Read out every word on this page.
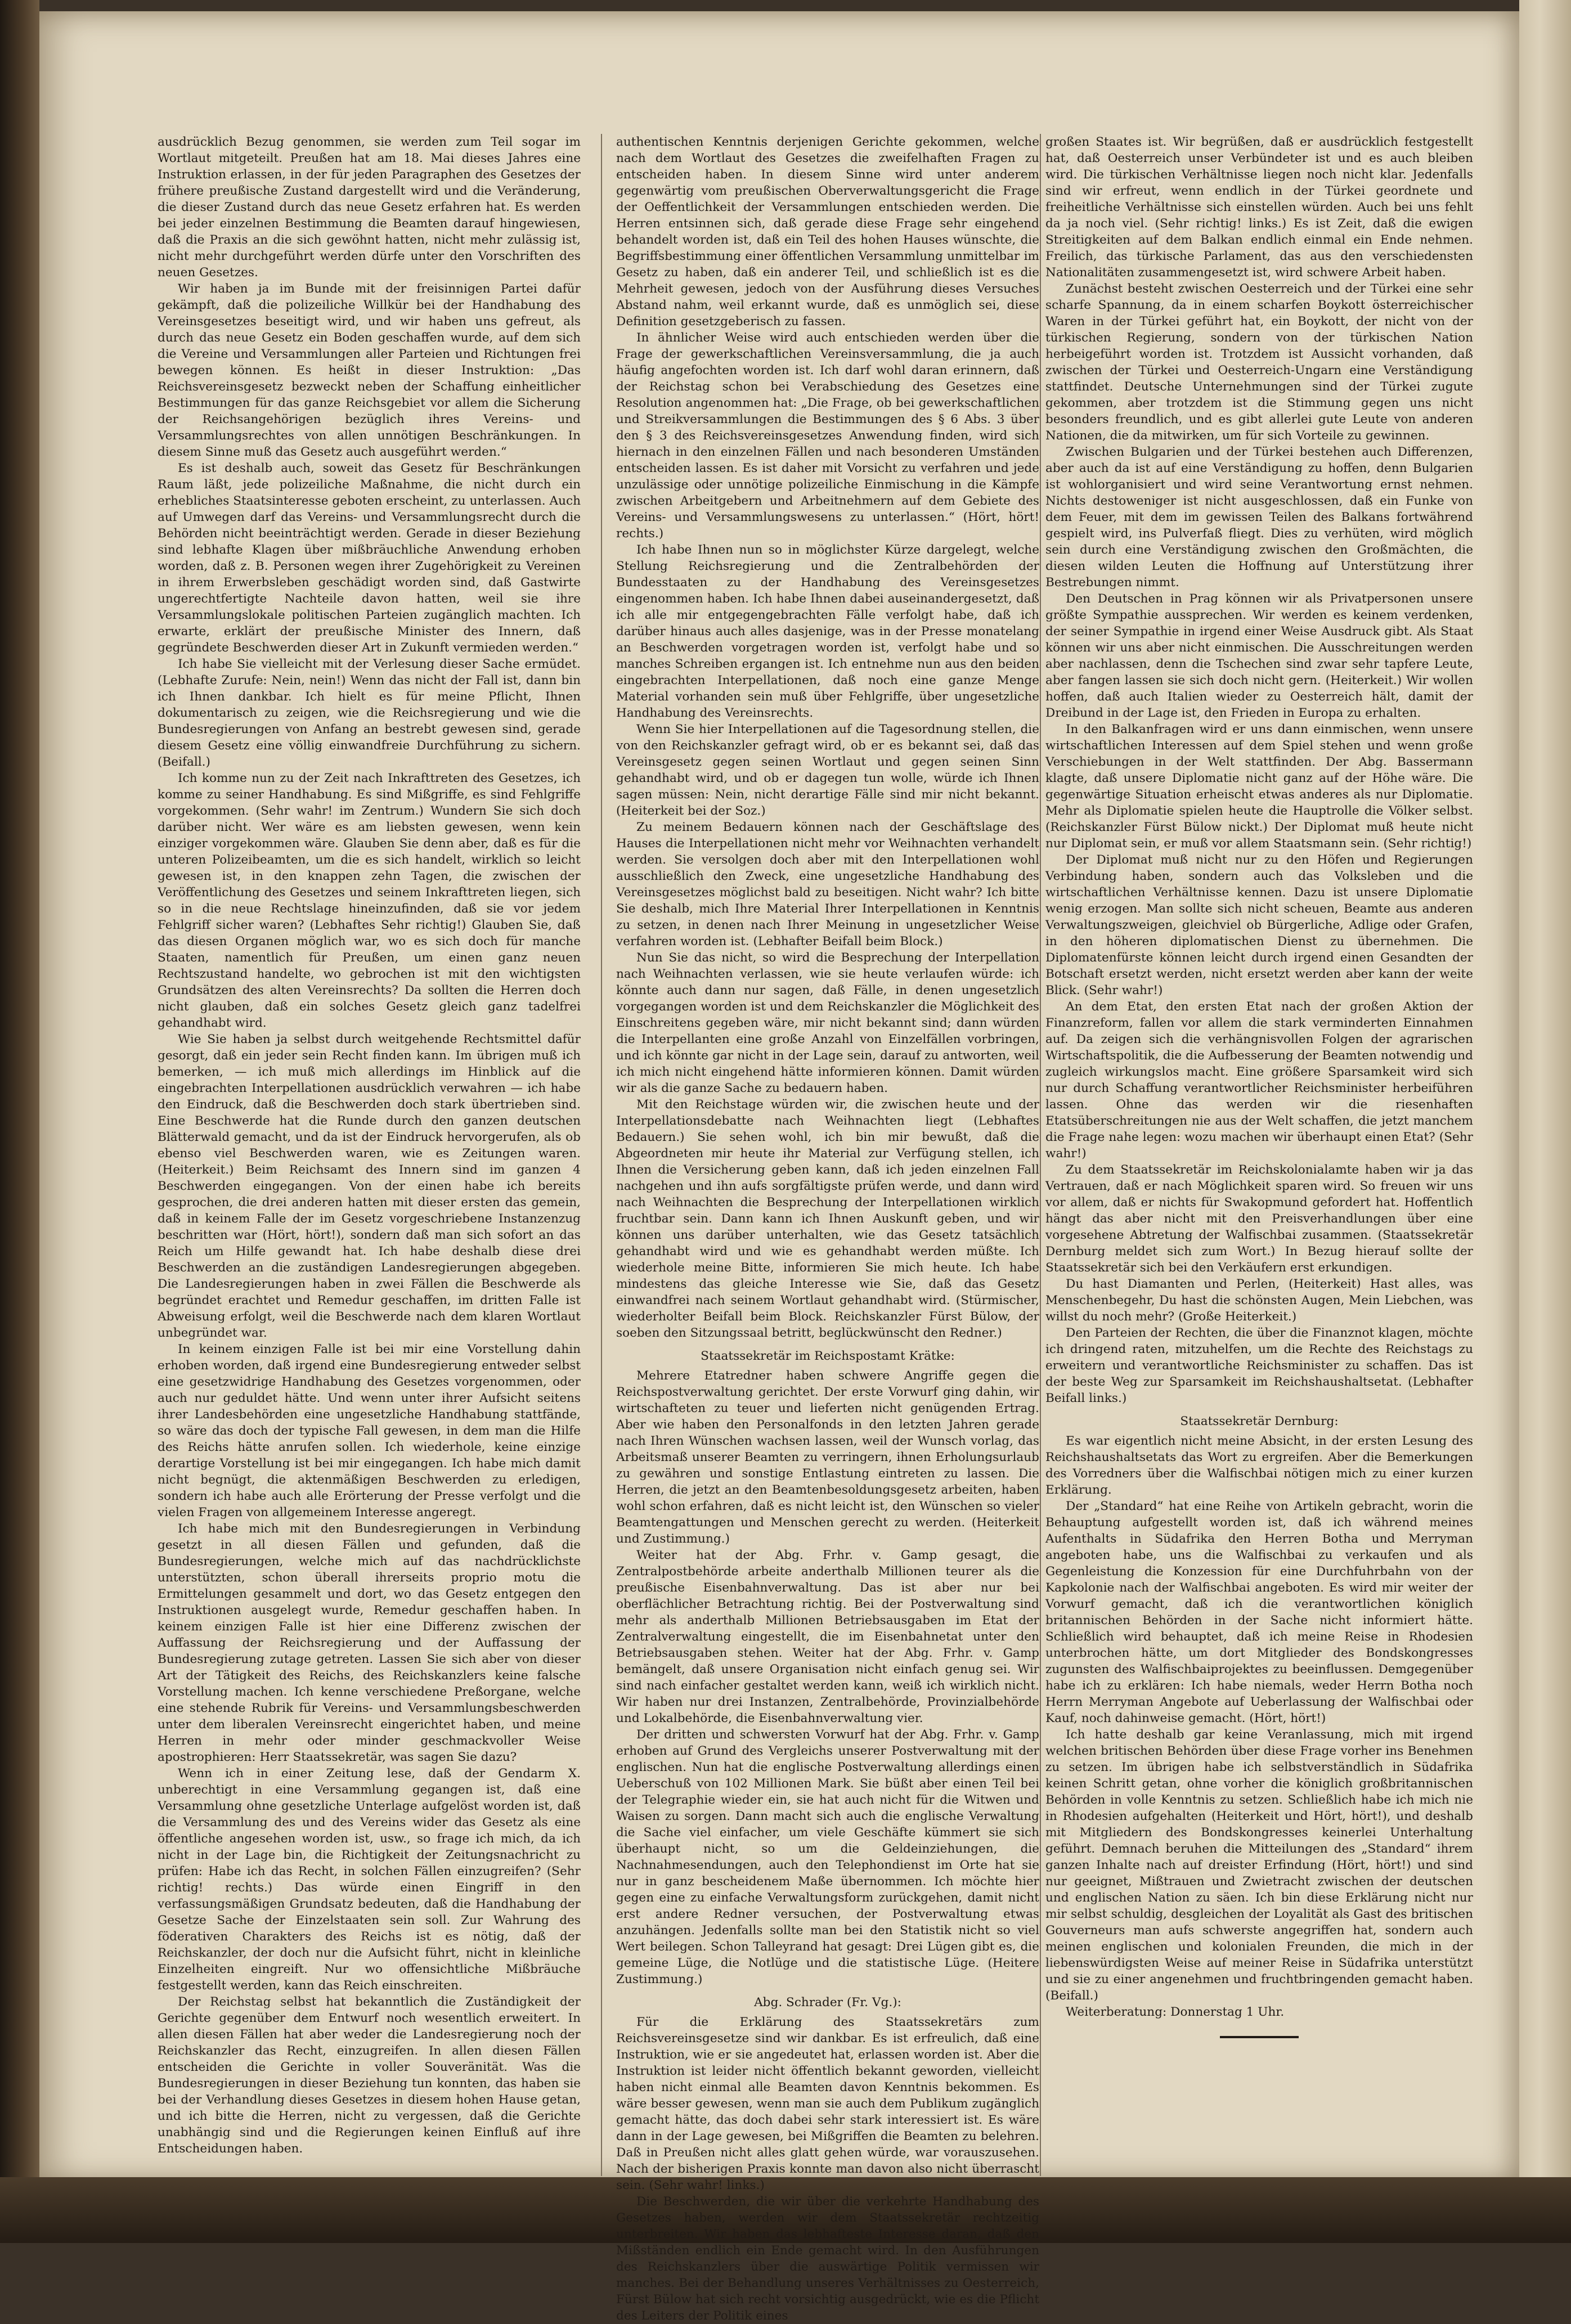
ausdrücklich Bezug genommen, sie werden zum Teil sogar im Wortlaut mitgeteilt. Preußen hat am 18. Mai dieses Jahres eine Instruktion erlassen, in der für jeden Paragraphen des Gesetzes der frühere preußische Zustand dargestellt wird und die Veränderung, die dieser Zustand durch das neue Gesetz erfahren hat. Es werden bei jeder einzelnen Bestimmung die Beamten darauf hingewiesen, daß die Praxis an die sich gewöhnt hatten, nicht mehr zulässig ist, nicht mehr durchgeführt werden dürfe unter den Vorschriften des neuen Gesetzes.

Wir haben ja im Bunde mit der freisinnigen Partei dafür gekämpft, daß die polizeiliche Willkür bei der Handhabung des Vereinsgesetzes beseitigt wird, und wir haben uns gefreut, als durch das neue Gesetz ein Boden geschaffen wurde, auf dem sich die Vereine und Versammlungen aller Parteien und Richtungen frei bewegen können. Es heißt in dieser Instruktion: „Das Reichsvereinsgesetz bezweckt neben der Schaffung einheitlicher Bestimmungen für das ganze Reichsgebiet vor allem die Sicherung der Reichsangehörigen bezüglich ihres Vereins- und Versammlungsrechtes von allen unnötigen Beschränkungen. In diesem Sinne muß das Gesetz auch ausgeführt werden.“

Es ist deshalb auch, soweit das Gesetz für Beschränkungen Raum läßt, jede polizeiliche Maßnahme, die nicht durch ein erhebliches Staatsinteresse geboten erscheint, zu unterlassen. Auch auf Umwegen darf das Vereins- und Versammlungsrecht durch die Behörden nicht beeinträchtigt werden. Gerade in dieser Beziehung sind lebhafte Klagen über mißbräuchliche Anwendung erhoben worden, daß z. B. Personen wegen ihrer Zugehörigkeit zu Vereinen in ihrem Erwerbsleben geschädigt worden sind, daß Gastwirte ungerechtfertigte Nachteile davon hatten, weil sie ihre Versammlungslokale politischen Parteien zugänglich machten. Ich erwarte, erklärt der preußische Minister des Innern, daß gegründete Beschwerden dieser Art in Zukunft vermieden werden.“

Ich habe Sie vielleicht mit der Verlesung dieser Sache ermüdet. (Lebhafte Zurufe: Nein, nein!) Wenn das nicht der Fall ist, dann bin ich Ihnen dankbar. Ich hielt es für meine Pflicht, Ihnen dokumentarisch zu zeigen, wie die Reichsregierung und wie die Bundesregierungen von Anfang an bestrebt gewesen sind, gerade diesem Gesetz eine völlig einwandfreie Durchführung zu sichern. (Beifall.)

Ich komme nun zu der Zeit nach Inkrafttreten des Gesetzes, ich komme zu seiner Handhabung. Es sind Mißgriffe, es sind Fehlgriffe vorgekommen. (Sehr wahr! im Zentrum.) Wundern Sie sich doch darüber nicht. Wer wäre es am liebsten gewesen, wenn kein einziger vorgekommen wäre. Glauben Sie denn aber, daß es für die unteren Polizeibeamten, um die es sich handelt, wirklich so leicht gewesen ist, in den knappen zehn Tagen, die zwischen der Veröffentlichung des Gesetzes und seinem Inkrafttreten liegen, sich so in die neue Rechtslage hineinzufinden, daß sie vor jedem Fehlgriff sicher waren? (Lebhaftes Sehr richtig!) Glauben Sie, daß das diesen Organen möglich war, wo es sich doch für manche Staaten, namentlich für Preußen, um einen ganz neuen Rechtszustand handelte, wo gebrochen ist mit den wichtigsten Grundsätzen des alten Vereinsrechts? Da sollten die Herren doch nicht glauben, daß ein solches Gesetz gleich ganz tadelfrei gehandhabt wird.

Wie Sie haben ja selbst durch weitgehende Rechtsmittel dafür gesorgt, daß ein jeder sein Recht finden kann. Im übrigen muß ich bemerken, — ich muß mich allerdings im Hinblick auf die eingebrachten Interpellationen ausdrücklich verwahren — ich habe den Eindruck, daß die Beschwerden doch stark übertrieben sind. Eine Beschwerde hat die Runde durch den ganzen deutschen Blätterwald gemacht, und da ist der Eindruck hervorgerufen, als ob ebenso viel Beschwerden waren, wie es Zeitungen waren. (Heiterkeit.) Beim Reichsamt des Innern sind im ganzen 4 Beschwerden eingegangen. Von der einen habe ich bereits gesprochen, die drei anderen hatten mit dieser ersten das gemein, daß in keinem Falle der im Gesetz vorgeschriebene Instanzenzug beschritten war (Hört, hört!), sondern daß man sich sofort an das Reich um Hilfe gewandt hat. Ich habe deshalb diese drei Beschwerden an die zuständigen Landesregierungen abgegeben. Die Landesregierungen haben in zwei Fällen die Beschwerde als begründet erachtet und Remedur geschaffen, im dritten Falle ist Abweisung erfolgt, weil die Beschwerde nach dem klaren Wortlaut unbegründet war.

In keinem einzigen Falle ist bei mir eine Vorstellung dahin erhoben worden, daß irgend eine Bundesregierung entweder selbst eine gesetzwidrige Handhabung des Gesetzes vorgenommen, oder auch nur geduldet hätte. Und wenn unter ihrer Aufsicht seitens ihrer Landesbehörden eine ungesetzliche Handhabung stattfände, so wäre das doch der typische Fall gewesen, in dem man die Hilfe des Reichs hätte anrufen sollen. Ich wiederhole, keine einzige derartige Vorstellung ist bei mir eingegangen. Ich habe mich damit nicht begnügt, die aktenmäßigen Beschwerden zu erledigen, sondern ich habe auch alle Erörterung der Presse verfolgt und die vielen Fragen von allgemeinem Interesse angeregt.

Ich habe mich mit den Bundesregierungen in Verbindung gesetzt in all diesen Fällen und gefunden, daß die Bundesregierungen, welche mich auf das nachdrücklichste unterstützten, schon überall ihrerseits proprio motu die Ermittelungen gesammelt und dort, wo das Gesetz entgegen den Instruktionen ausgelegt wurde, Remedur geschaffen haben. In keinem einzigen Falle ist hier eine Differenz zwischen der Auffassung der Reichsregierung und der Auffassung der Bundesregierung zutage getreten. Lassen Sie sich aber von dieser Art der Tätigkeit des Reichs, des Reichskanzlers keine falsche Vorstellung machen. Ich kenne verschiedene Preßorgane, welche eine stehende Rubrik für Vereins- und Versammlungsbeschwerden unter dem liberalen Vereinsrecht eingerichtet haben, und meine Herren in mehr oder minder geschmackvoller Weise apostrophieren: Herr Staatssekretär, was sagen Sie dazu?

Wenn ich in einer Zeitung lese, daß der Gendarm X. unberechtigt in eine Versammlung gegangen ist, daß eine Versammlung ohne gesetzliche Unterlage aufgelöst worden ist, daß die Versammlung des und des Vereins wider das Gesetz als eine öffentliche angesehen worden ist, usw., so frage ich mich, da ich nicht in der Lage bin, die Richtigkeit der Zeitungsnachricht zu prüfen: Habe ich das Recht, in solchen Fällen einzugreifen? (Sehr richtig! rechts.) Das würde einen Eingriff in den verfassungsmäßigen Grundsatz bedeuten, daß die Handhabung der Gesetze Sache der Einzelstaaten sein soll. Zur Wahrung des föderativen Charakters des Reichs ist es nötig, daß der Reichskanzler, der doch nur die Aufsicht führt, nicht in kleinliche Einzelheiten eingreift. Nur wo offensichtliche Mißbräuche festgestellt werden, kann das Reich einschreiten.

Der Reichstag selbst hat bekanntlich die Zuständigkeit der Gerichte gegenüber dem Entwurf noch wesentlich erweitert. In allen diesen Fällen hat aber weder die Landesregierung noch der Reichskanzler das Recht, einzugreifen. In allen diesen Fällen entscheiden die Gerichte in voller Souveränität. Was die Bundesregierungen in dieser Beziehung tun konnten, das haben sie bei der Verhandlung dieses Gesetzes in diesem hohen Hause getan, und ich bitte die Herren, nicht zu vergessen, daß die Gerichte unabhängig sind und die Regierungen keinen Einfluß auf ihre Entscheidungen haben.

authentischen Kenntnis derjenigen Gerichte gekommen, welche nach dem Wortlaut des Gesetzes die zweifelhaften Fragen zu entscheiden haben. In diesem Sinne wird unter anderem gegenwärtig vom preußischen Oberverwaltungsgericht die Frage der Oeffentlichkeit der Versammlungen entschieden werden. Die Herren entsinnen sich, daß gerade diese Frage sehr eingehend behandelt worden ist, daß ein Teil des hohen Hauses wünschte, die Begriffsbestimmung einer öffentlichen Versammlung unmittelbar im Gesetz zu haben, daß ein anderer Teil, und schließlich ist es die Mehrheit gewesen, jedoch von der Ausführung dieses Versuches Abstand nahm, weil erkannt wurde, daß es unmöglich sei, diese Definition gesetzgeberisch zu fassen.

In ähnlicher Weise wird auch entschieden werden über die Frage der gewerkschaftlichen Vereinsversammlung, die ja auch häufig angefochten worden ist. Ich darf wohl daran erinnern, daß der Reichstag schon bei Verabschiedung des Gesetzes eine Resolution angenommen hat: „Die Frage, ob bei gewerkschaftlichen und Streikversammlungen die Bestimmungen des § 6 Abs. 3 über den § 3 des Reichsvereinsgesetzes Anwendung finden, wird sich hiernach in den einzelnen Fällen und nach besonderen Umständen entscheiden lassen. Es ist daher mit Vorsicht zu verfahren und jede unzulässige oder unnötige polizeiliche Einmischung in die Kämpfe zwischen Arbeitgebern und Arbeitnehmern auf dem Gebiete des Vereins- und Versammlungswesens zu unterlassen.“ (Hört, hört! rechts.)

Ich habe Ihnen nun so in möglichster Kürze dargelegt, welche Stellung Reichsregierung und die Zentralbehörden der Bundesstaaten zu der Handhabung des Vereinsgesetzes eingenommen haben. Ich habe Ihnen dabei auseinandergesetzt, daß ich alle mir entgegengebrachten Fälle verfolgt habe, daß ich darüber hinaus auch alles dasjenige, was in der Presse monatelang an Beschwerden vorgetragen worden ist, verfolgt habe und so manches Schreiben ergangen ist. Ich entnehme nun aus den beiden eingebrachten Interpellationen, daß noch eine ganze Menge Material vorhanden sein muß über Fehlgriffe, über ungesetzliche Handhabung des Vereinsrechts.

Wenn Sie hier Interpellationen auf die Tagesordnung stellen, die von den Reichskanzler gefragt wird, ob er es bekannt sei, daß das Vereinsgesetz gegen seinen Wortlaut und gegen seinen Sinn gehandhabt wird, und ob er dagegen tun wolle, würde ich Ihnen sagen müssen: Nein, nicht derartige Fälle sind mir nicht bekannt. (Heiterkeit bei der Soz.)

Zu meinem Bedauern können nach der Geschäftslage des Hauses die Interpellationen nicht mehr vor Weihnachten verhandelt werden. Sie versolgen doch aber mit den Interpellationen wohl ausschließlich den Zweck, eine ungesetzliche Handhabung des Vereinsgesetzes möglichst bald zu beseitigen. Nicht wahr? Ich bitte Sie deshalb, mich Ihre Material Ihrer Interpellationen in Kenntnis zu setzen, in denen nach Ihrer Meinung in ungesetzlicher Weise verfahren worden ist. (Lebhafter Beifall beim Block.)

Nun Sie das nicht, so wird die Besprechung der Interpellation nach Weihnachten verlassen, wie sie heute verlaufen würde: ich könnte auch dann nur sagen, daß Fälle, in denen ungesetzlich vorgegangen worden ist und dem Reichskanzler die Möglichkeit des Einschreitens gegeben wäre, mir nicht bekannt sind; dann würden die Interpellanten eine große Anzahl von Einzelfällen vorbringen, und ich könnte gar nicht in der Lage sein, darauf zu antworten, weil ich mich nicht eingehend hätte informieren können. Damit würden wir als die ganze Sache zu bedauern haben.

Mit den Reichstage würden wir, die zwischen heute und der Interpellationsdebatte nach Weihnachten liegt (Lebhaftes Bedauern.) Sie sehen wohl, ich bin mir bewußt, daß die Abgeordneten mir heute ihr Material zur Verfügung stellen, ich Ihnen die Versicherung geben kann, daß ich jeden einzelnen Fall nachgehen und ihn aufs sorgfältigste prüfen werde, und dann wird nach Weihnachten die Besprechung der Interpellationen wirklich fruchtbar sein. Dann kann ich Ihnen Auskunft geben, und wir können uns darüber unterhalten, wie das Gesetz tatsächlich gehandhabt wird und wie es gehandhabt werden müßte. Ich wiederhole meine Bitte, informieren Sie mich heute. Ich habe mindestens das gleiche Interesse wie Sie, daß das Gesetz einwandfrei nach seinem Wortlaut gehandhabt wird. (Stürmischer, wiederholter Beifall beim Block. Reichskanzler Fürst Bülow, der soeben den Sitzungssaal betritt, beglückwünscht den Redner.)

Staatssekretär im Reichspostamt Krätke:

Mehrere Etatredner haben schwere Angriffe gegen die Reichspostverwaltung gerichtet. Der erste Vorwurf ging dahin, wir wirtschafteten zu teuer und lieferten nicht genügenden Ertrag. Aber wie haben den Personalfonds in den letzten Jahren gerade nach Ihren Wünschen wachsen lassen, weil der Wunsch vorlag, das Arbeitsmaß unserer Beamten zu verringern, ihnen Erholungsurlaub zu gewähren und sonstige Entlastung eintreten zu lassen. Die Herren, die jetzt an den Beamtenbesoldungsgesetz arbeiten, haben wohl schon erfahren, daß es nicht leicht ist, den Wünschen so vieler Beamtengattungen und Menschen gerecht zu werden. (Heiterkeit und Zustimmung.)

Weiter hat der Abg. Frhr. v. Gamp gesagt, die Zentralpostbehörde arbeite anderthalb Millionen teurer als die preußische Eisenbahnverwaltung. Das ist aber nur bei oberflächlicher Betrachtung richtig. Bei der Postverwaltung sind mehr als anderthalb Millionen Betriebsausgaben im Etat der Zentralverwaltung eingestellt, die im Eisenbahnetat unter den Betriebsausgaben stehen. Weiter hat der Abg. Frhr. v. Gamp bemängelt, daß unsere Organisation nicht einfach genug sei. Wir sind nach einfacher gestaltet werden kann, weiß ich wirklich nicht. Wir haben nur drei Instanzen, Zentralbehörde, Provinzialbehörde und Lokalbehörde, die Eisenbahnverwaltung vier.

Der dritten und schwersten Vorwurf hat der Abg. Frhr. v. Gamp erhoben auf Grund des Vergleichs unserer Postverwaltung mit der englischen. Nun hat die englische Postverwaltung allerdings einen Ueberschuß von 102 Millionen Mark. Sie büßt aber einen Teil bei der Telegraphie wieder ein, sie hat auch nicht für die Witwen und Waisen zu sorgen. Dann macht sich auch die englische Verwaltung die Sache viel einfacher, um viele Geschäfte kümmert sie sich überhaupt nicht, so um die Geldeinziehungen, die Nachnahmesendungen, auch den Telephondienst im Orte hat sie nur in ganz bescheidenem Maße übernommen. Ich möchte hier gegen eine zu einfache Verwaltungsform zurückgehen, damit nicht erst andere Redner versuchen, der Postverwaltung etwas anzuhängen. Jedenfalls sollte man bei den Statistik nicht so viel Wert beilegen. Schon Talleyrand hat gesagt: Drei Lügen gibt es, die gemeine Lüge, die Notlüge und die statistische Lüge. (Heitere Zustimmung.)

Abg. Schrader (Fr. Vg.):

Für die Erklärung des Staatssekretärs zum Reichsvereinsgesetze sind wir dankbar. Es ist erfreulich, daß eine Instruktion, wie er sie angedeutet hat, erlassen worden ist. Aber die Instruktion ist leider nicht öffentlich bekannt geworden, vielleicht haben nicht einmal alle Beamten davon Kenntnis bekommen. Es wäre besser gewesen, wenn man sie auch dem Publikum zugänglich gemacht hätte, das doch dabei sehr stark interessiert ist. Es wäre dann in der Lage gewesen, bei Mißgriffen die Beamten zu belehren. Daß in Preußen nicht alles glatt gehen würde, war vorauszusehen. Nach der bisherigen Praxis konnte man davon also nicht überrascht sein. (Sehr wahr! links.)

Die Beschwerden, die wir über die verkehrte Handhabung des Gesetzes haben, werden wir dem Staatssekretär rechtzeitig unterbreiten. Wir haben das lebhafteste Interesse daran, daß den Mißständen endlich ein Ende gemacht wird. In den Ausführungen des Reichskanzlers über die auswärtige Politik vermissen wir manches. Bei der Behandlung unseres Verhältnisses zu Oesterreich, Fürst Bülow hat sich recht vorsichtig ausgedrückt, wie es die Pflicht des Leiters der Politik eines

großen Staates ist. Wir begrüßen, daß er ausdrücklich festgestellt hat, daß Oesterreich unser Verbündeter ist und es auch bleiben wird. Die türkischen Verhältnisse liegen noch nicht klar. Jedenfalls sind wir erfreut, wenn endlich in der Türkei geordnete und freiheitliche Verhältnisse sich einstellen würden. Auch bei uns fehlt da ja noch viel. (Sehr richtig! links.) Es ist Zeit, daß die ewigen Streitigkeiten auf dem Balkan endlich einmal ein Ende nehmen. Freilich, das türkische Parlament, das aus den verschiedensten Nationalitäten zusammengesetzt ist, wird schwere Arbeit haben.

Zunächst besteht zwischen Oesterreich und der Türkei eine sehr scharfe Spannung, da in einem scharfen Boykott österreichischer Waren in der Türkei geführt hat, ein Boykott, der nicht von der türkischen Regierung, sondern von der türkischen Nation herbeigeführt worden ist. Trotzdem ist Aussicht vorhanden, daß zwischen der Türkei und Oesterreich-Ungarn eine Verständigung stattfindet. Deutsche Unternehmungen sind der Türkei zugute gekommen, aber trotzdem ist die Stimmung gegen uns nicht besonders freundlich, und es gibt allerlei gute Leute von anderen Nationen, die da mitwirken, um für sich Vorteile zu gewinnen.

Zwischen Bulgarien und der Türkei bestehen auch Differenzen, aber auch da ist auf eine Verständigung zu hoffen, denn Bulgarien ist wohlorganisiert und wird seine Verantwortung ernst nehmen. Nichts destoweniger ist nicht ausgeschlossen, daß ein Funke von dem Feuer, mit dem im gewissen Teilen des Balkans fortwährend gespielt wird, ins Pulverfaß fliegt. Dies zu verhüten, wird möglich sein durch eine Verständigung zwischen den Großmächten, die diesen wilden Leuten die Hoffnung auf Unterstützung ihrer Bestrebungen nimmt.

Den Deutschen in Prag können wir als Privatpersonen unsere größte Sympathie aussprechen. Wir werden es keinem verdenken, der seiner Sympathie in irgend einer Weise Ausdruck gibt. Als Staat können wir uns aber nicht einmischen. Die Ausschreitungen werden aber nachlassen, denn die Tschechen sind zwar sehr tapfere Leute, aber fangen lassen sie sich doch nicht gern. (Heiterkeit.) Wir wollen hoffen, daß auch Italien wieder zu Oesterreich hält, damit der Dreibund in der Lage ist, den Frieden in Europa zu erhalten.

In den Balkanfragen wird er uns dann einmischen, wenn unsere wirtschaftlichen Interessen auf dem Spiel stehen und wenn große Verschiebungen in der Welt stattfinden. Der Abg. Bassermann klagte, daß unsere Diplomatie nicht ganz auf der Höhe wäre. Die gegenwärtige Situation erheischt etwas anderes als nur Diplomatie. Mehr als Diplomatie spielen heute die Hauptrolle die Völker selbst. (Reichskanzler Fürst Bülow nickt.) Der Diplomat muß heute nicht nur Diplomat sein, er muß vor allem Staatsmann sein. (Sehr richtig!)

Der Diplomat muß nicht nur zu den Höfen und Regierungen Verbindung haben, sondern auch das Volksleben und die wirtschaftlichen Verhältnisse kennen. Dazu ist unsere Diplomatie wenig erzogen. Man sollte sich nicht scheuen, Beamte aus anderen Verwaltungszweigen, gleichviel ob Bürgerliche, Adlige oder Grafen, in den höheren diplomatischen Dienst zu übernehmen. Die Diplomatenfürste können leicht durch irgend einen Gesandten der Botschaft ersetzt werden, nicht ersetzt werden aber kann der weite Blick. (Sehr wahr!)

An dem Etat, den ersten Etat nach der großen Aktion der Finanzreform, fallen vor allem die stark verminderten Einnahmen auf. Da zeigen sich die verhängnisvollen Folgen der agrarischen Wirtschaftspolitik, die die Aufbesserung der Beamten notwendig und zugleich wirkungslos macht. Eine größere Sparsamkeit wird sich nur durch Schaffung verantwortlicher Reichsminister herbeiführen lassen. Ohne das werden wir die riesenhaften Etatsüberschreitungen nie aus der Welt schaffen, die jetzt manchem die Frage nahe legen: wozu machen wir überhaupt einen Etat? (Sehr wahr!)

Zu dem Staatssekretär im Reichskolonialamte haben wir ja das Vertrauen, daß er nach Möglichkeit sparen wird. So freuen wir uns vor allem, daß er nichts für Swakopmund gefordert hat. Hoffentlich hängt das aber nicht mit den Preisverhandlungen über eine vorgesehene Abtretung der Walfischbai zusammen. (Staatssekretär Dernburg meldet sich zum Wort.) In Bezug hierauf sollte der Staatssekretär sich bei den Verkäufern erst erkundigen.

Du hast Diamanten und Perlen, (Heiterkeit) Hast alles, was Menschenbegehr, Du hast die schönsten Augen, Mein Liebchen, was willst du noch mehr? (Große Heiterkeit.)

Den Parteien der Rechten, die über die Finanznot klagen, möchte ich dringend raten, mitzuhelfen, um die Rechte des Reichstags zu erweitern und verantwortliche Reichsminister zu schaffen. Das ist der beste Weg zur Sparsamkeit im Reichshaushaltsetat. (Lebhafter Beifall links.)

Staatssekretär Dernburg:

Es war eigentlich nicht meine Absicht, in der ersten Lesung des Reichshaushaltsetats das Wort zu ergreifen. Aber die Bemerkungen des Vorredners über die Walfischbai nötigen mich zu einer kurzen Erklärung.

Der „Standard“ hat eine Reihe von Artikeln gebracht, worin die Behauptung aufgestellt worden ist, daß ich während meines Aufenthalts in Südafrika den Herren Botha und Merryman angeboten habe, uns die Walfischbai zu verkaufen und als Gegenleistung die Konzession für eine Durchfuhrbahn von der Kapkolonie nach der Walfischbai angeboten. Es wird mir weiter der Vorwurf gemacht, daß ich die verantwortlichen königlich britannischen Behörden in der Sache nicht informiert hätte. Schließlich wird behauptet, daß ich meine Reise in Rhodesien unterbrochen hätte, um dort Mitglieder des Bondskongresses zugunsten des Walfischbaiprojektes zu beeinflussen. Demgegenüber habe ich zu erklären: Ich habe niemals, weder Herrn Botha noch Herrn Merryman Angebote auf Ueberlassung der Walfischbai oder Kauf, noch dahinweise gemacht. (Hört, hört!)

Ich hatte deshalb gar keine Veranlassung, mich mit irgend welchen britischen Behörden über diese Frage vorher ins Benehmen zu setzen. Im übrigen habe ich selbstverständlich in Südafrika keinen Schritt getan, ohne vorher die königlich großbritannischen Behörden in volle Kenntnis zu setzen. Schließlich habe ich mich nie in Rhodesien aufgehalten (Heiterkeit und Hört, hört!), und deshalb mit Mitgliedern des Bondskongresses keinerlei Unterhaltung geführt. Demnach beruhen die Mitteilungen des „Standard“ ihrem ganzen Inhalte nach auf dreister Erfindung (Hört, hört!) und sind nur geeignet, Mißtrauen und Zwietracht zwischen der deutschen und englischen Nation zu säen. Ich bin diese Erklärung nicht nur mir selbst schuldig, desgleichen der Loyalität als Gast des britischen Gouverneurs man aufs schwerste angegriffen hat, sondern auch meinen englischen und kolonialen Freunden, die mich in der liebenswürdigsten Weise auf meiner Reise in Südafrika unterstützt und sie zu einer angenehmen und fruchtbringenden gemacht haben. (Beifall.)

Weiterberatung: Donnerstag 1 Uhr.
